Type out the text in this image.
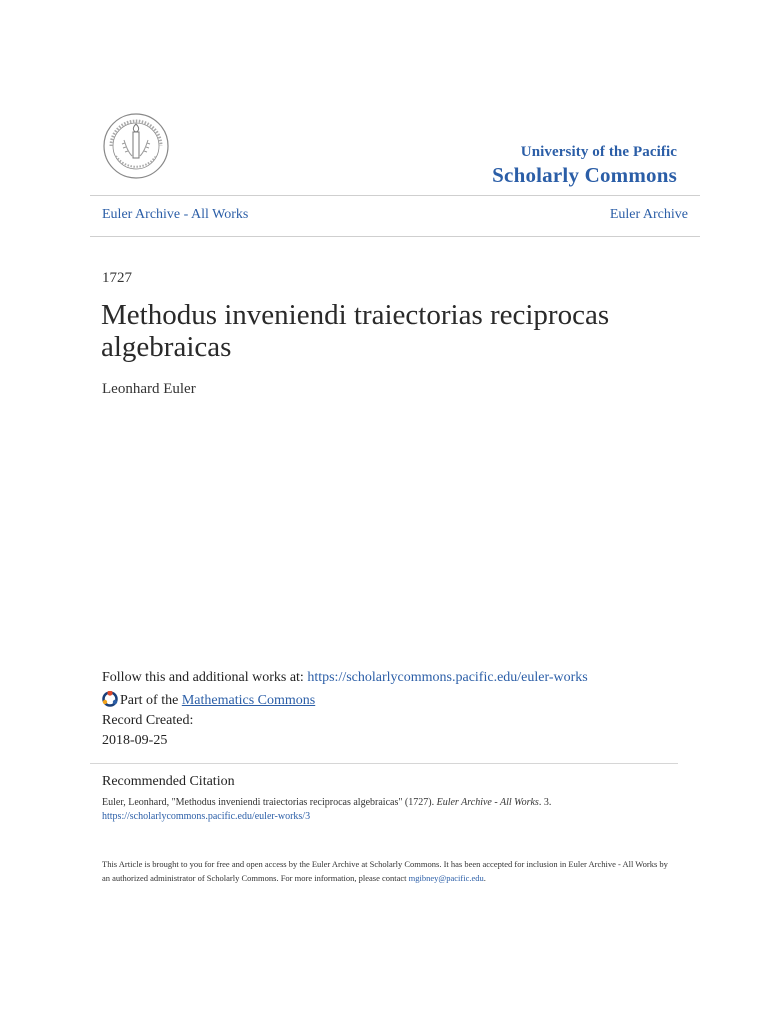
University of the Pacific
Scholarly Commons
Euler Archive - All Works	Euler Archive
1727
Methodus inveniendi traiectorias reciprocas algebraicas
Leonhard Euler
Follow this and additional works at: https://scholarlycommons.pacific.edu/euler-works
Part of the Mathematics Commons
Record Created:
2018-09-25
Recommended Citation
Euler, Leonhard, "Methodus inveniendi traiectorias reciprocas algebraicas" (1727). Euler Archive - All Works. 3.
https://scholarlycommons.pacific.edu/euler-works/3
This Article is brought to you for free and open access by the Euler Archive at Scholarly Commons. It has been accepted for inclusion in Euler Archive - All Works by an authorized administrator of Scholarly Commons. For more information, please contact mgibney@pacific.edu.
